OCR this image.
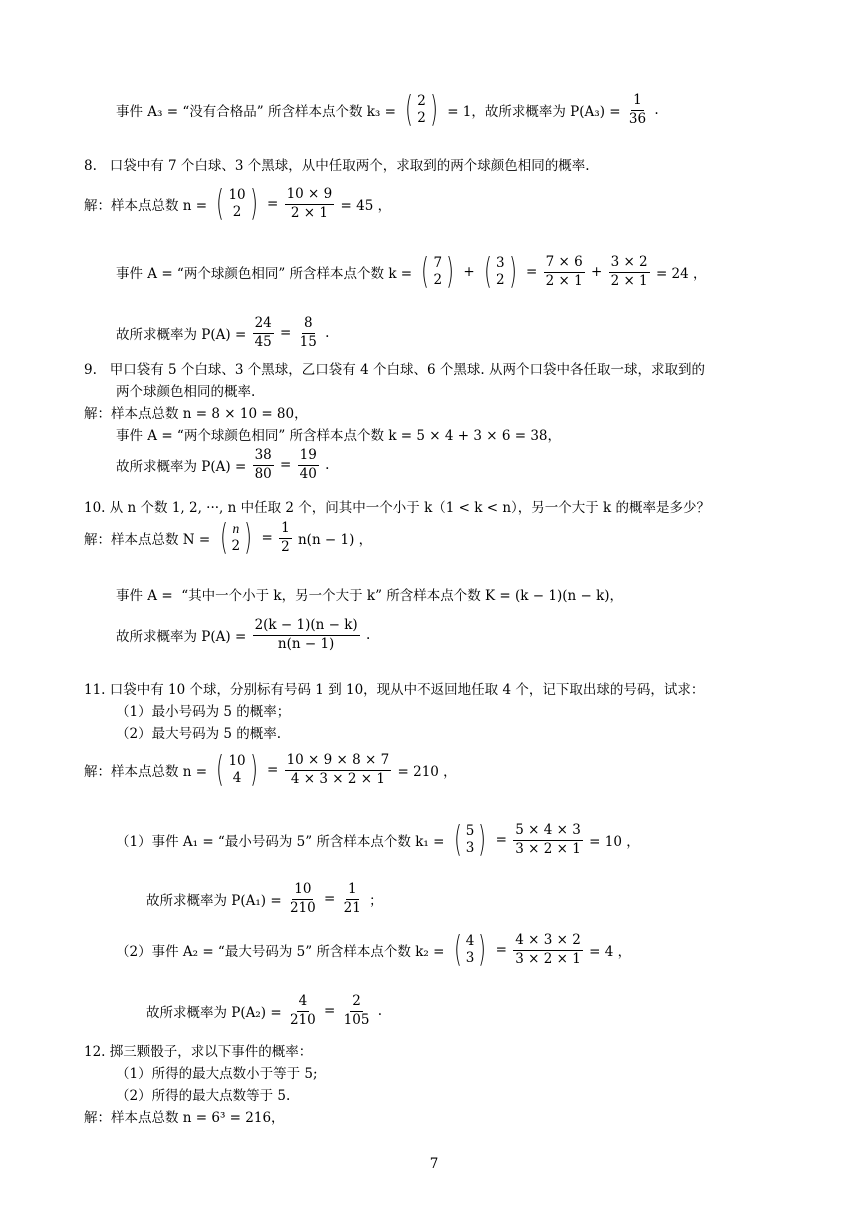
事件 A₃ = “没有合格品” 所含样本点个数 k₃ = ( 2
2 ) = 1，故所求概率为 $P(A_3) = \frac{1}{36}$ .
8.   口袋中有 7 个白球、3 个黑球，从中任取两个，求取到的两个球颜色相同的概率.
解：样本点总数 n = ( 10
2 ) = $\frac{10 \times 9}{2 \times 1} = 45$ ，
事件 A = “两个球颜色相同” 所含样本点个数 k = ( 7
2 ) + ( 3
2 ) = $\frac{7 \times 6}{2 \times 1} + \frac{3 \times 2}{2 \times 1} = 24$ ，
故所求概率为 $P(A) = \frac{24}{45} = \frac{8}{15}$ .
9.   甲口袋有 5 个白球、3 个黑球，乙口袋有 4 个白球、6 个黑球. 从两个口袋中各任取一球，求取到的
两个球颜色相同的概率.
解：样本点总数 n = 8 × 10 = 80，
事件 A = “两个球颜色相同” 所含样本点个数 k = 5 × 4 + 3 × 6 = 38，
故所求概率为 $P(A) = \frac{38}{80} = \frac{19}{40}$ .
10. 从 n 个数 1, 2, ···, n 中任取 2 个，问其中一个小于 k（1 < k < n），另一个大于 k 的概率是多少？
解：样本点总数 N = ( n
2 ) = $\frac{1}{2} n(n - 1)$ ，
事件 A =  “其中一个小于 k，另一个大于 k” 所含样本点个数 K = (k − 1)(n − k)，
故所求概率为 $P(A) = \frac{2(k - 1)(n - k)}{n(n - 1)}$ .
11. 口袋中有 10 个球，分别标有号码 1 到 10，现从中不返回地任取 4 个，记下取出球的号码，试求：
（1）最小号码为 5 的概率；
（2）最大号码为 5 的概率.
解：样本点总数 n = ( 10
4 ) = $\frac{10 \times 9 \times 8 \times 7}{4 \times 3 \times 2 \times 1} = 210$ ，
（1）事件 A₁ = “最小号码为 5” 所含样本点个数 k₁ = ( 5
3 ) = $\frac{5 \times 4 \times 3}{3 \times 2 \times 1} = 10$ ，
故所求概率为 $P(A_1) = \frac{10}{210} = \frac{1}{21}$ ；
（2）事件 A₂ = “最大号码为 5” 所含样本点个数 k₂ = ( 4
3 ) = $\frac{4 \times 3 \times 2}{3 \times 2 \times 1} = 4$ ，
故所求概率为 $P(A_2) = \frac{4}{210} = \frac{2}{105}$ .
12. 掷三颗骰子，求以下事件的概率：
（1）所得的最大点数小于等于 5;
（2）所得的最大点数等于 5.
解：样本点总数 n = 6³ = 216，
7
